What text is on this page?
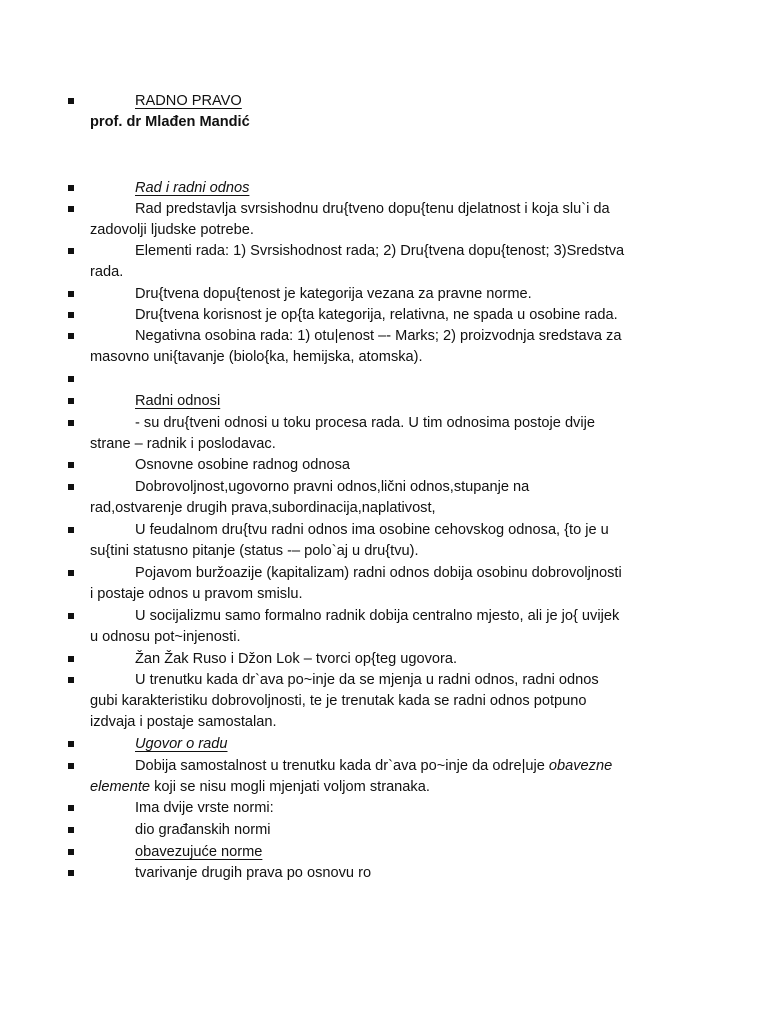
RADNO PRAVO
prof. dr Mlađen Mandić
Rad i radni odnos
Rad predstavlja svrsishodnu dru{tveno dopu{tenu djelatnost i koja slu`i da
zadovolji ljudske potrebe.
Elementi rada: 1) Svrsishodnost rada; 2) Dru{tvena dopu{tenost; 3)Sredstva
rada.
Dru{tvena dopu{tenost je kategorija vezana za pravne norme.
Dru{tvena korisnost je op{ta kategorija, relativna, ne spada u osobine rada.
Negativna osobina rada: 1) otu|enost –- Marks; 2) proizvodnja sredstava za
masovno uni{tavanje (biolo{ka, hemijska, atomska).
Radni odnosi
- su dru{tveni odnosi u toku procesa rada. U tim odnosima postoje dvije
strane – radnik i poslodavac.
Osnovne osobine radnog odnosa
Dobrovoljnost,ugovorno pravni odnos,lični odnos,stupanje na
rad,ostvarenje drugih prava,subordinacija,naplativost,
U feudalnom dru{tvu radni odnos ima osobine cehovskog odnosa, {to je u
su{tini statusno pitanje (status -– polo`aj u dru{tvu).
Pojavom buržoazije (kapitalizam) radni odnos dobija osobinu dobrovoljnosti
i postaje odnos u pravom smislu.
U socijalizmu samo formalno radnik dobija centralno mjesto, ali je jo{ uvijek
u odnosu pot~injenosti.
Žan Žak Ruso i Džon Lok – tvorci op{teg ugovora.
U trenutku kada dr`ava po~inje da se mjenja u radni odnos, radni odnos
gubi karakteristiku dobrovoljnosti, te je trenutak kada se radni odnos potpuno
izdvaja i postaje samostalan.
Ugovor o radu
Dobija samostalnost u trenutku kada dr`ava po~inje da odre|uje obavezne
elemente koji se nisu mogli mjenjati voljom stranaka.
Ima dvije vrste normi:
dio građanskih normi
obavezujuće norme
tvarivanje drugih prava po osnovu ro
